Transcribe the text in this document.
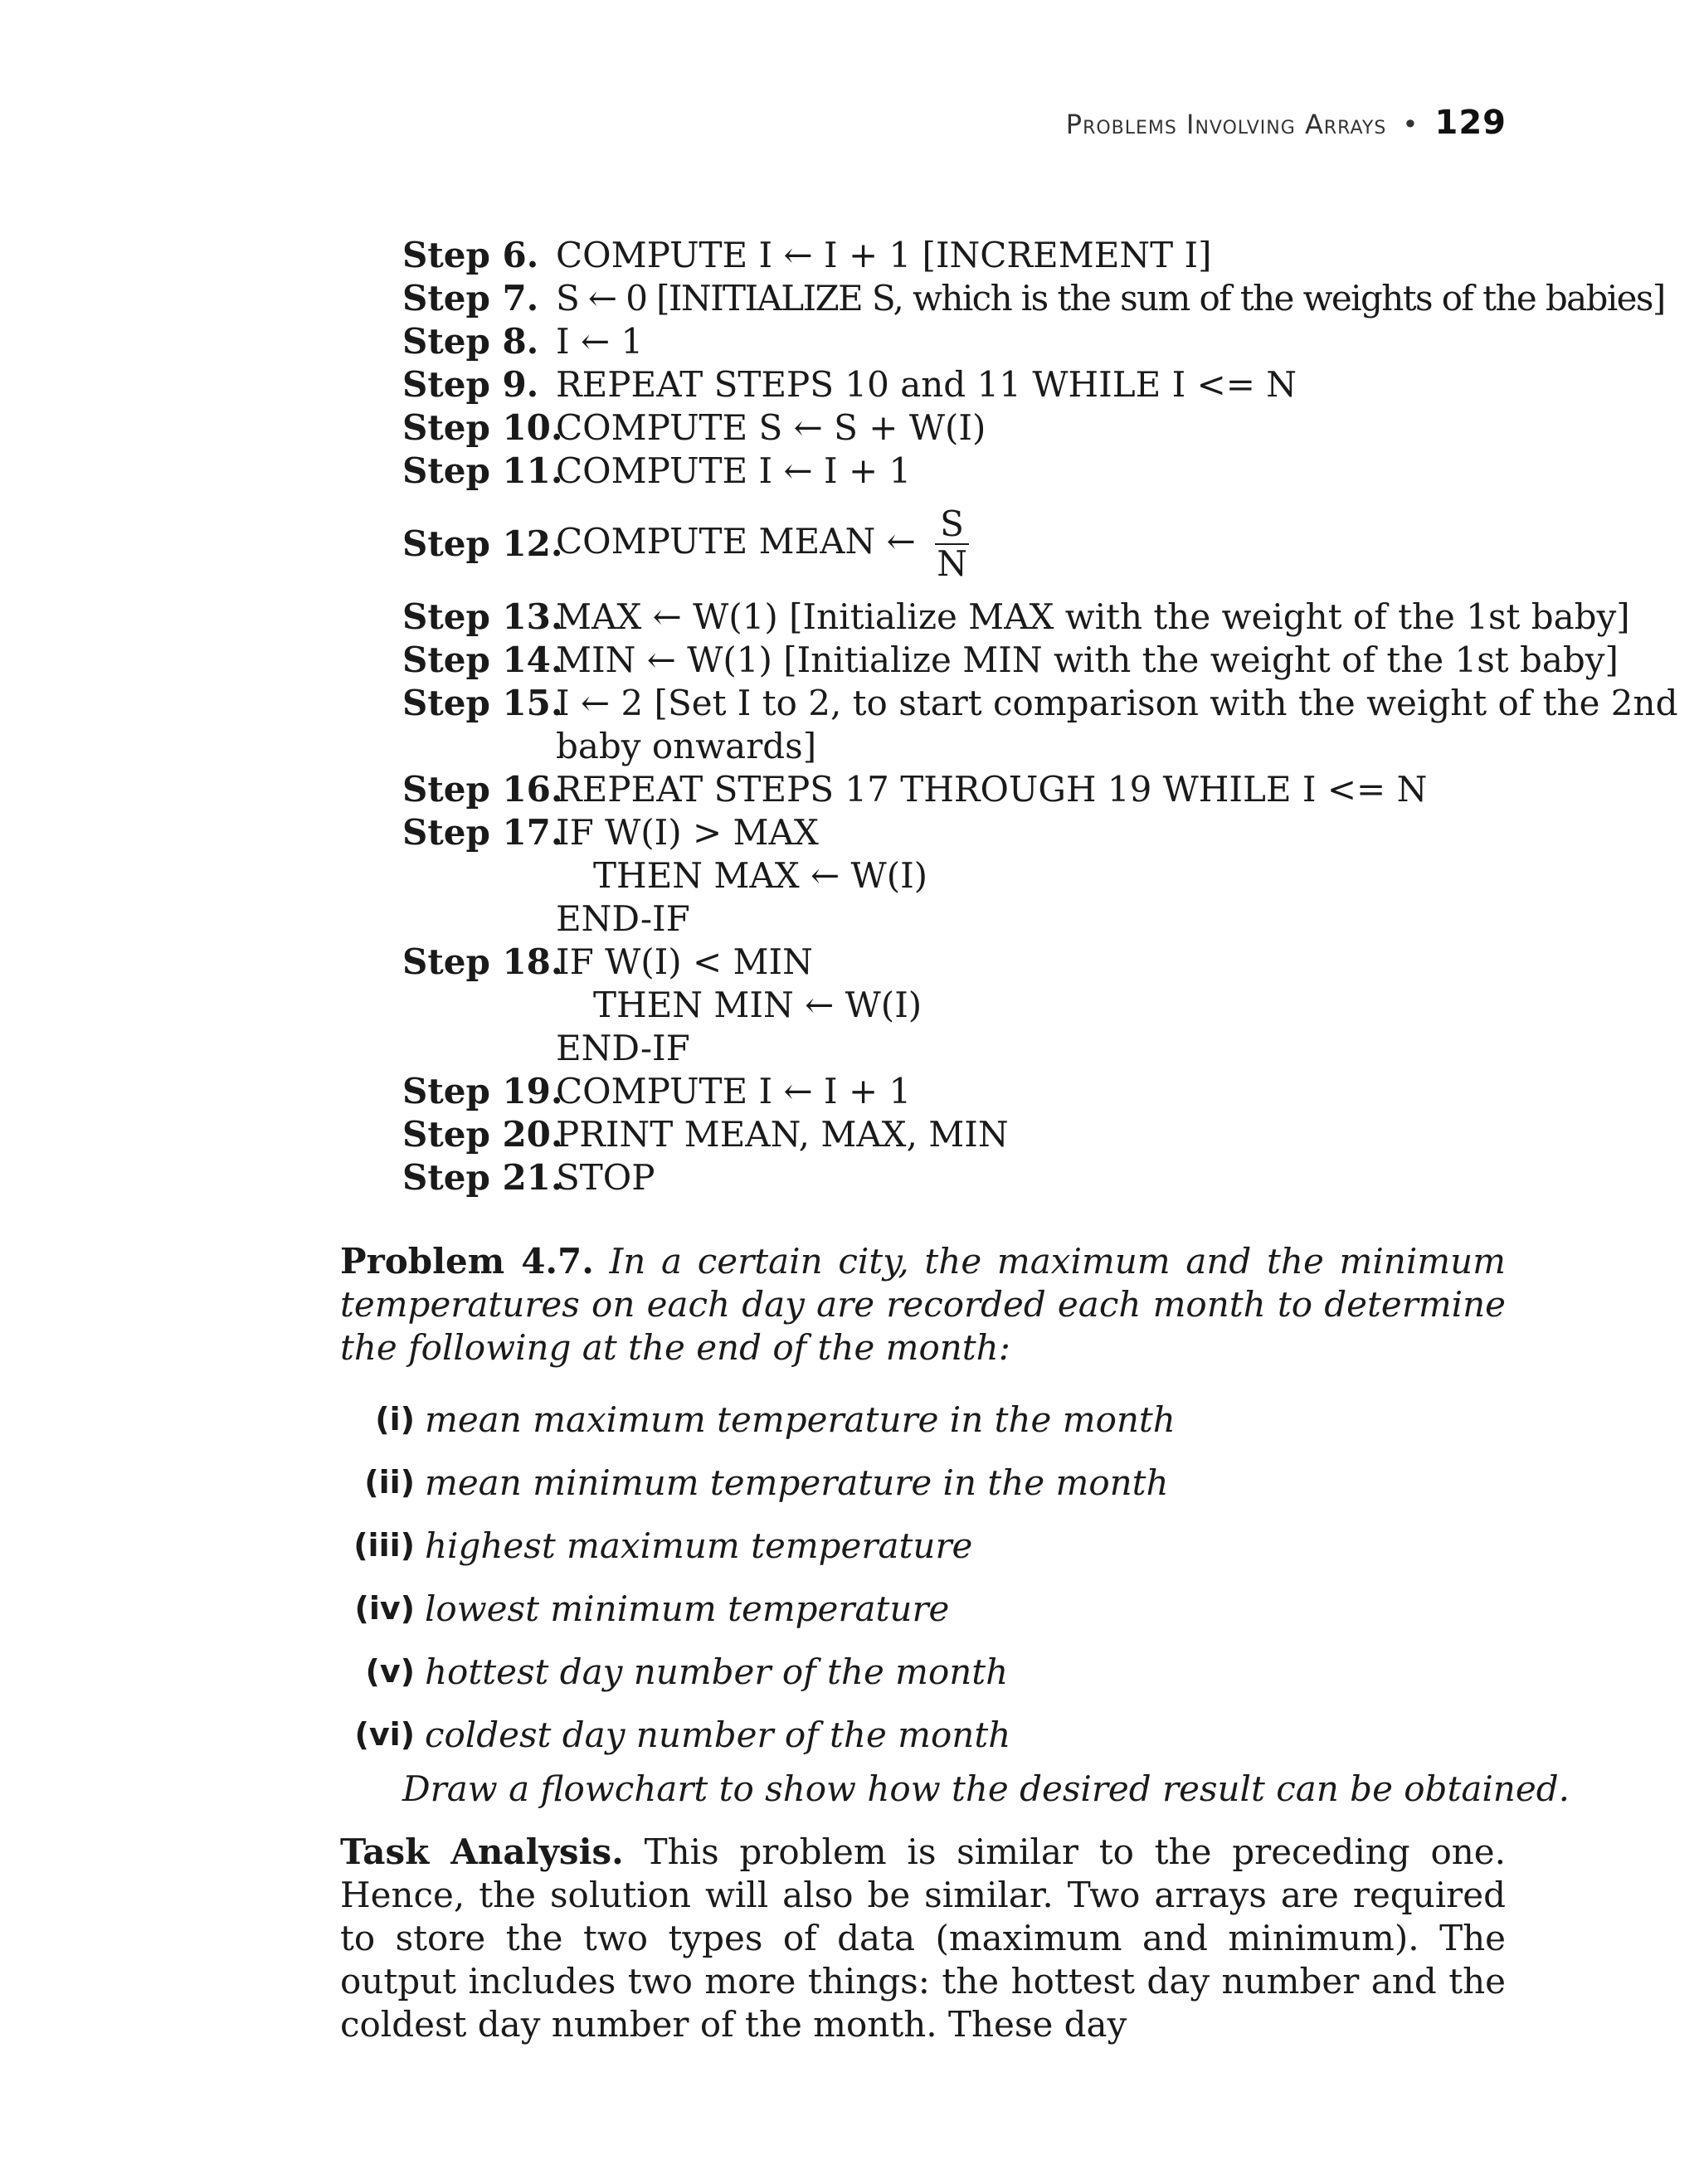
Problems Involving Arrays • 129
Step 6. COMPUTE I ← I + 1 [INCREMENT I]
Step 7. S ← 0 [INITIALIZE S, which is the sum of the weights of the babies]
Step 8. I ← 1
Step 9. REPEAT STEPS 10 and 11 WHILE I <= N
Step 10.
COMPUTE S ← S + W(I)
Step 11.
COMPUTE I ← I + 1
Step 12.
COMPUTE MEAN ← $\frac{S}{N}$
Step 13.
MAX ← W(1) [Initialize MAX with the weight of the 1st baby]
Step 14.
MIN ← W(1) [Initialize MIN with the weight of the 1st baby]
Step 15.
I ← 2 [Set I to 2, to start comparison with the weight of the 2nd
baby onwards]
Step 16.
REPEAT STEPS 17 THROUGH 19 WHILE I <= N
Step 17.
IF W(I) > MAX
THEN MAX ← W(I)
END-IF
Step 18.
IF W(I) < MIN
THEN MIN ← W(I)
END-IF
Step 19.
COMPUTE I ← I + 1
Step 20.
PRINT MEAN, MAX, MIN
Step 21.
STOP
Problem 4.7. In a certain city, the maximum and the minimum temperatures on each day are recorded each month to determine the following at the end of the month:
(i) mean maximum temperature in the month
(ii) mean minimum temperature in the month
(iii) highest maximum temperature
(iv) lowest minimum temperature
(v) hottest day number of the month
(vi) coldest day number of the month
Draw a flowchart to show how the desired result can be obtained.
Task Analysis. This problem is similar to the preceding one. Hence, the solution will also be similar. Two arrays are required to store the two types of data (maximum and minimum). The output includes two more things: the hottest day number and the coldest day number of the month. These day
